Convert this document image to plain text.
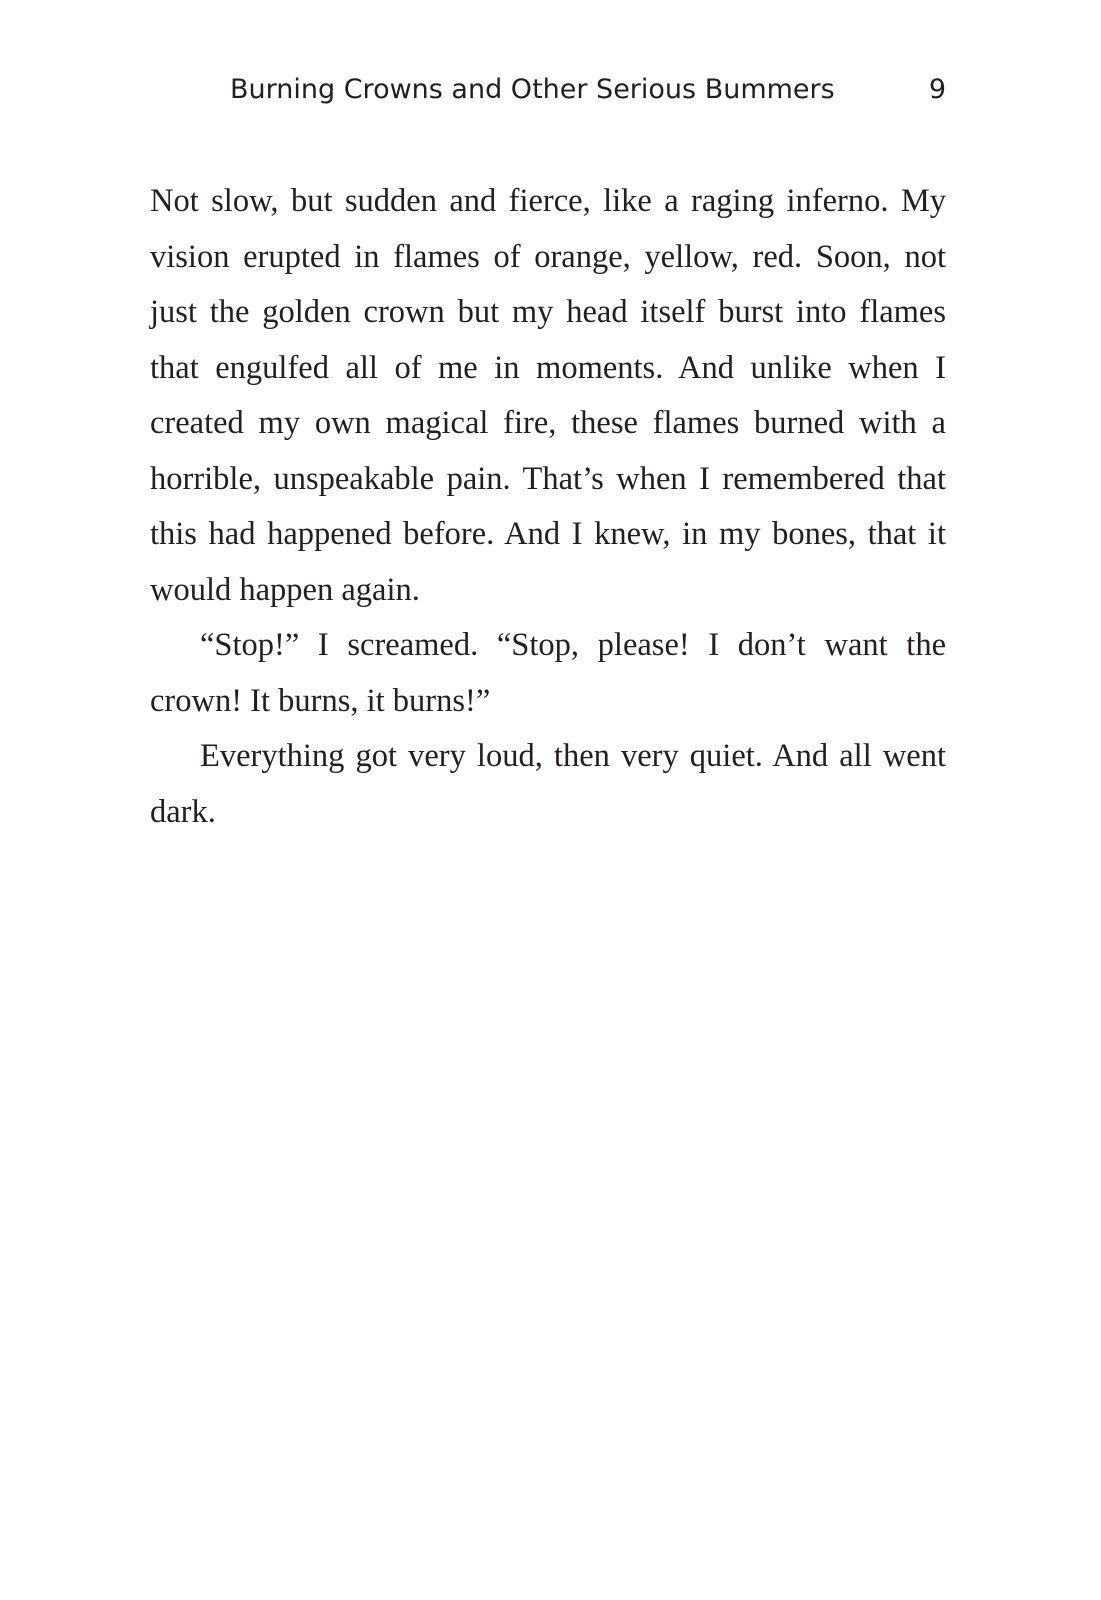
Burning Crowns and Other Serious Bummers	9

Not slow, but sudden and fierce, like a raging inferno. My vision erupted in flames of orange, yellow, red. Soon, not just the golden crown but my head itself burst into flames that engulfed all of me in moments. And unlike when I created my own magical fire, these flames burned with a horrible, unspeakable pain. That’s when I remembered that this had happened before. And I knew, in my bones, that it would happen again.

“Stop!” I screamed. “Stop, please! I don’t want the crown! It burns, it burns!”

Everything got very loud, then very quiet. And all went dark.
